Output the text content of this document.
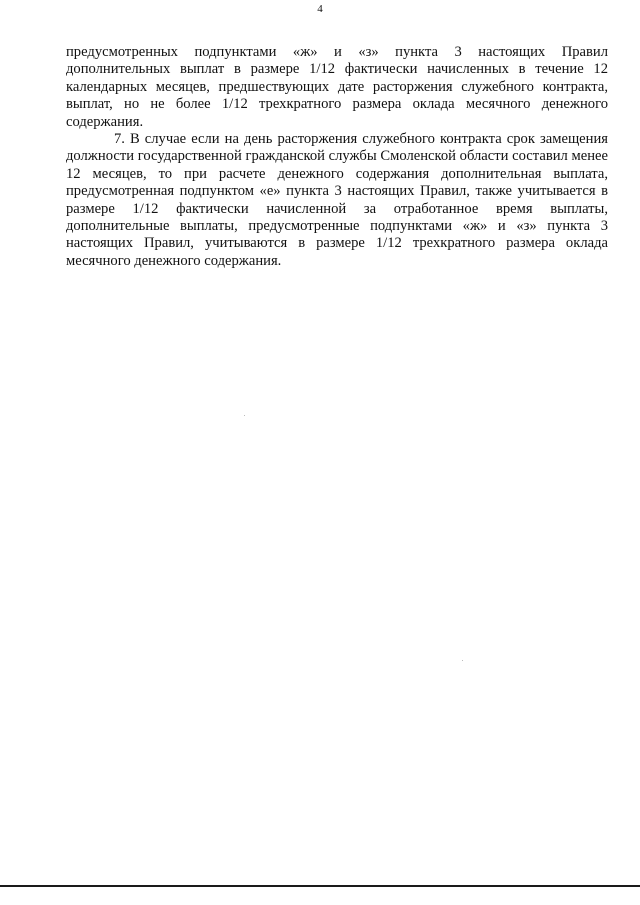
4

предусмотренных подпунктами «ж» и «з» пункта 3 настоящих Правил дополнительных выплат в размере 1/12 фактически начисленных в течение 12 календарных месяцев, предшествующих дате расторжения служебного контракта, выплат, но не более 1/12 трехкратного размера оклада месячного денежного содержания.

7. В случае если на день расторжения служебного контракта срок замещения должности государственной гражданской службы Смоленской области составил менее 12 месяцев, то при расчете денежного содержания дополнительная выплата, предусмотренная подпунктом «е» пункта 3 настоящих Правил, также учитывается в размере 1/12 фактически начисленной за отработанное время выплаты, дополнительные выплаты, предусмотренные подпунктами «ж» и «з» пункта 3 настоящих Правил, учитываются в размере 1/12 трехкратного размера оклада месячного денежного содержания.
